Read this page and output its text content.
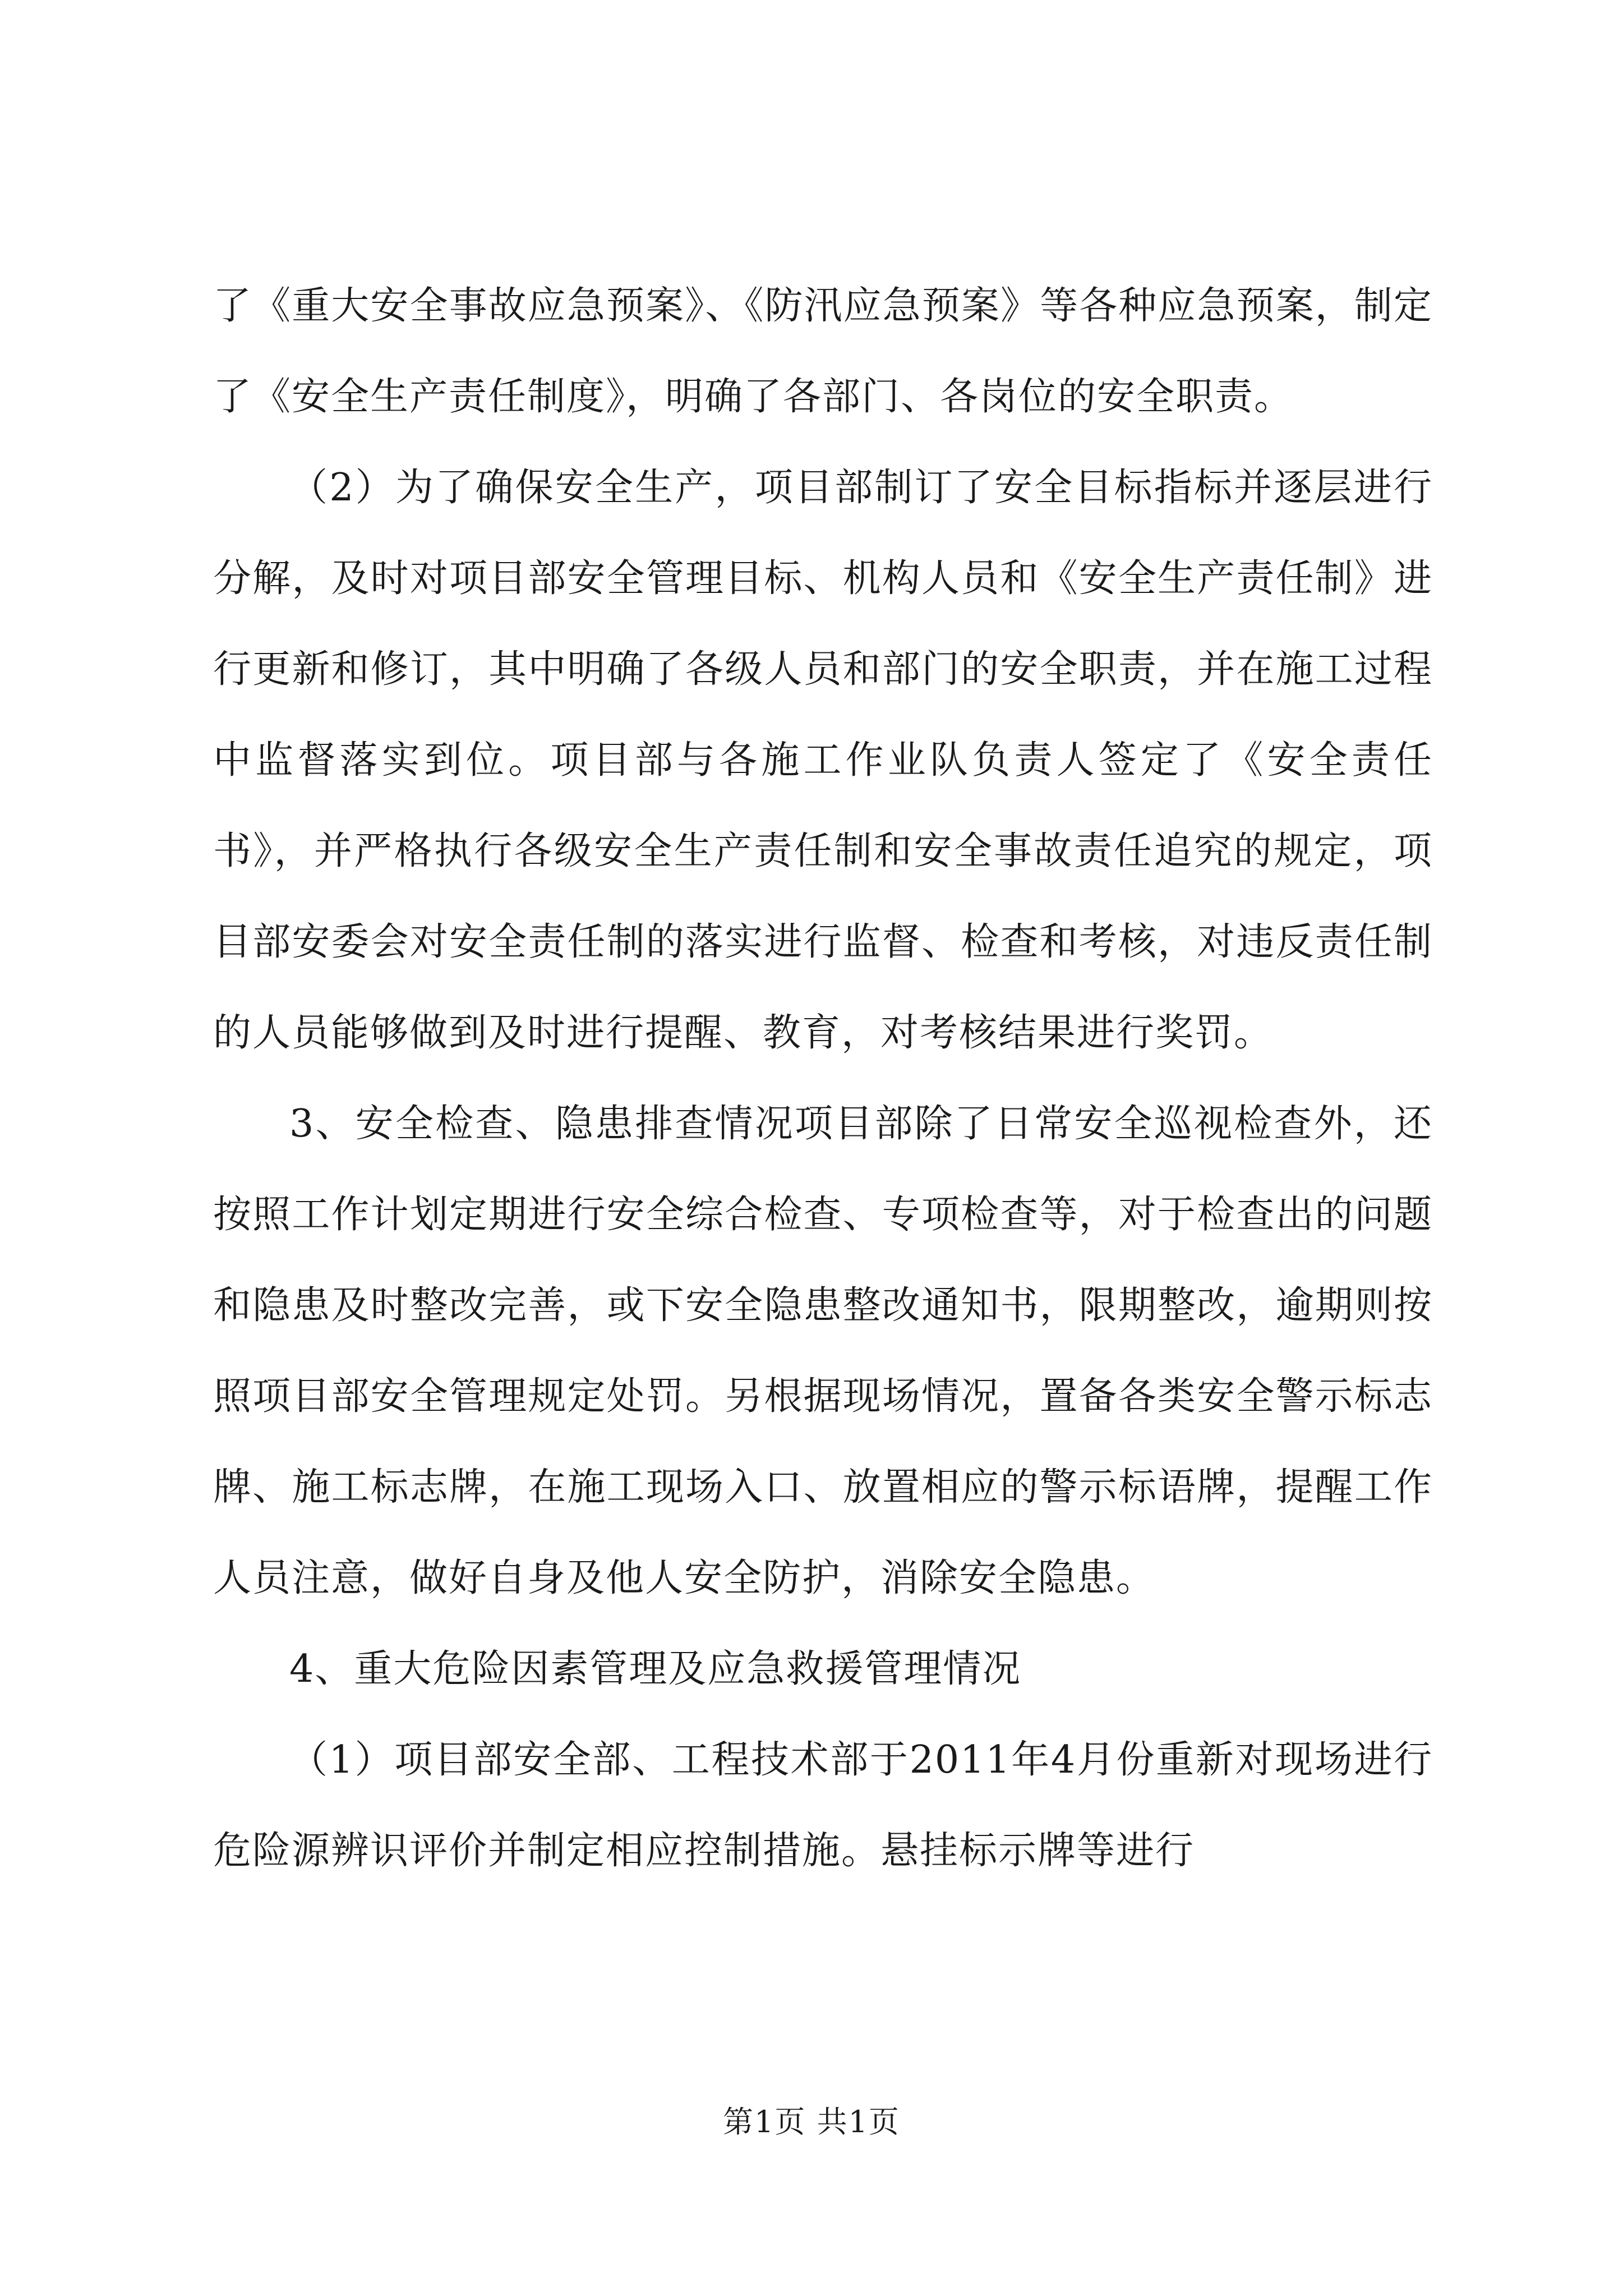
了《重大安全事故应急预案》、《防汛应急预案》等各种应急预案，制定了《安全生产责任制度》，明确了各部门、各岗位的安全职责。

（2）为了确保安全生产，项目部制订了安全目标指标并逐层进行分解，及时对项目部安全管理目标、机构人员和《安全生产责任制》进行更新和修订，其中明确了各级人员和部门的安全职责，并在施工过程中监督落实到位。项目部与各施工作业队负责人签定了《安全责任书》，并严格执行各级安全生产责任制和安全事故责任追究的规定，项目部安委会对安全责任制的落实进行监督、检查和考核，对违反责任制的人员能够做到及时进行提醒、教育，对考核结果进行奖罚。

3、安全检查、隐患排查情况项目部除了日常安全巡视检查外，还按照工作计划定期进行安全综合检查、专项检查等，对于检查出的问题和隐患及时整改完善，或下安全隐患整改通知书，限期整改，逾期则按照项目部安全管理规定处罚。另根据现场情况，置备各类安全警示标志牌、施工标志牌，在施工现场入口、放置相应的警示标语牌，提醒工作人员注意，做好自身及他人安全防护，消除安全隐患。

4、重大危险因素管理及应急救援管理情况

（1）项目部安全部、工程技术部于2011年4月份重新对现场进行危险源辨识评价并制定相应控制措施。悬挂标示牌等进行

第1页 共1页
